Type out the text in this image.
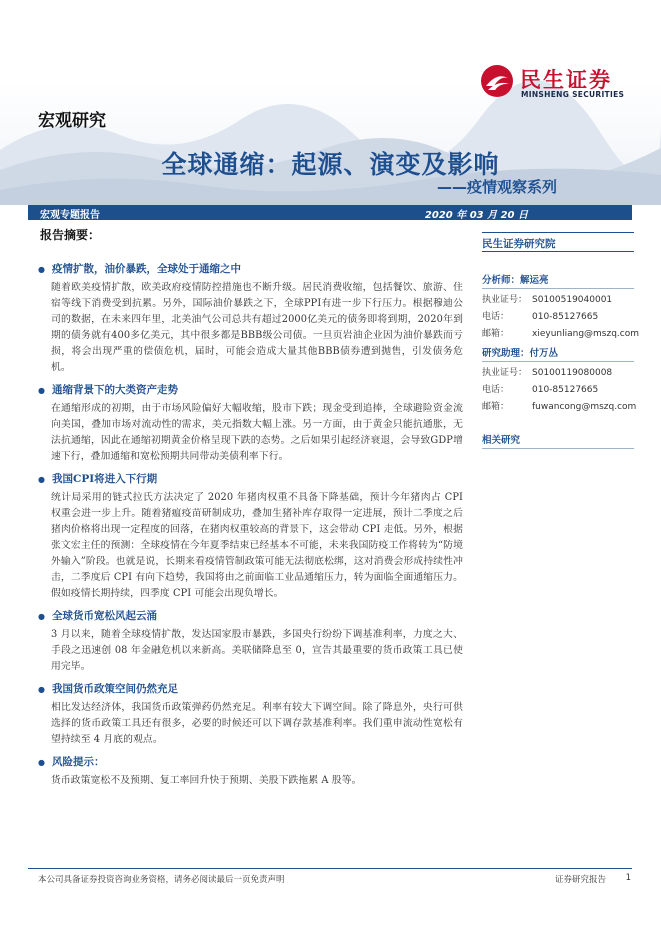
民生证券
MINSHENG SECURITIES
宏观研究
全球通缩：起源、演变及影响
——疫情观察系列
宏观专题报告	2020 年 03 月 20 日
报告摘要：
● 疫情扩散，油价暴跌，全球处于通缩之中
随着欧美疫情扩散，欧美政府疫情防控措施也不断升级。居民消费收缩，包括餐饮、旅游、住宿等线下消费受到抗累。另外，国际油价暴跌之下，全球PPI有进一步下行压力。根据穆迪公司的数据，在未来四年里，北美油气公司总共有超过2000亿美元的债务即将到期，2020年到期的债务就有400多亿美元，其中很多都是BBB级公司债。一旦页岩油企业因为油价暴跌而亏损，将会出现严重的偿债危机，届时，可能会造成大量其他BBB债券遭到抛售，引发债务危机。
● 通缩背景下的大类资产走势
在通缩形成的初期，由于市场风险偏好大幅收缩，股市下跌；现金受到追捧，全球避险资金流向美国，叠加市场对流动性的需求，美元指数大幅上涨。另一方面，由于黄金只能抗通胀，无法抗通缩，因此在通缩初期黄金价格呈现下跌的态势。之后如果引起经济衰退，会导致GDP增速下行，叠加通缩和宽松预期共同带动美债利率下行。
● 我国CPI将进入下行期
统计局采用的链式拉氏方法决定了 2020 年猪肉权重不具备下降基础，预计今年猪肉占 CPI 权重会进一步上升。随着猪瘟疫苗研制成功，叠加生猪补库存取得一定进展，预计二季度之后猪肉价格将出现一定程度的回落，在猪肉权重较高的背景下，这会带动 CPI 走低。另外，根据张文宏主任的预测：全球疫情在今年夏季结束已经基本不可能，未来我国防疫工作将转为“防境外输入”阶段。也就是说，长期来看疫情管制政策可能无法彻底松绑，这对消费会形成持续性冲击，二季度后 CPI 有向下趋势，我国将由之前面临工业品通缩压力，转为面临全面通缩压力。假如疫情长期持续，四季度 CPI 可能会出现负增长。
● 全球货币宽松风起云涌
3 月以来，随着全球疫情扩散，发达国家股市暴跌，多国央行纷纷下调基准利率，力度之大、手段之迅速创 08 年金融危机以来新高。美联储降息至 0，宣告其最重要的货币政策工具已使用完毕。
● 我国货币政策空间仍然充足
相比发达经济体，我国货币政策弹药仍然充足。利率有较大下调空间。除了降息外，央行可供选择的货币政策工具还有很多，必要的时候还可以下调存款基准利率。我们重申流动性宽松有望持续至 4 月底的观点。
● 风险提示：
货币政策宽松不及预期、复工率回升快于预期、美股下跌拖累 A 股等。
民生证券研究院
分析师：解运亮
执业证号： S0100519040001
电话：	010-85127665
邮箱：	xieyunliang@mszq.com
研究助理：付万丛
执业证号： S0100119080008
电话：	010-85127665
邮箱：	fuwancong@mszq.com
相关研究
本公司具备证券投资咨询业务资格，请务必阅读最后一页免责声明	证券研究报告 1
